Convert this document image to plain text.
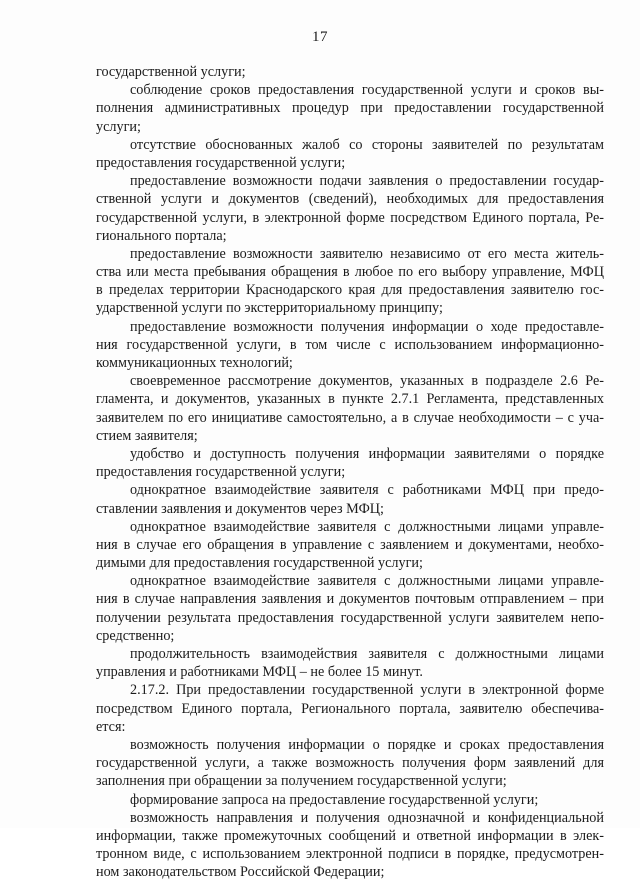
17
государственной услуги;
соблюдение сроков предоставления государственной услуги и сроков вы-
полнения административных процедур при предоставлении государственной
услуги;
отсутствие обоснованных жалоб со стороны заявителей по результатам
предоставления государственной услуги;
предоставление возможности подачи заявления о предоставлении государ-
ственной услуги и документов (сведений), необходимых для предоставления
государственной услуги, в электронной форме посредством Единого портала, Ре-
гионального портала;
предоставление возможности заявителю независимо от его места житель-
ства или места пребывания обращения в любое по его выбору управление, МФЦ
в пределах территории Краснодарского края для предоставления заявителю гос-
ударственной услуги по экстерриториальному принципу;
предоставление возможности получения информации о ходе предоставле-
ния государственной услуги, в том числе с использованием информационно-
коммуникационных технологий;
своевременное рассмотрение документов, указанных в подразделе 2.6 Ре-
гламента, и документов, указанных в пункте 2.7.1 Регламента, представленных
заявителем по его инициативе самостоятельно, а в случае необходимости – с уча-
стием заявителя;
удобство и доступность получения информации заявителями о порядке
предоставления государственной услуги;
однократное взаимодействие заявителя с работниками МФЦ при предо-
ставлении заявления и документов через МФЦ;
однократное взаимодействие заявителя с должностными лицами управле-
ния в случае его обращения в управление с заявлением и документами, необхо-
димыми для предоставления государственной услуги;
однократное взаимодействие заявителя с должностными лицами управле-
ния в случае направления заявления и документов почтовым отправлением – при
получении результата предоставления государственной услуги заявителем непо-
средственно;
продолжительность взаимодействия заявителя с должностными лицами
управления и работниками МФЦ – не более 15 минут.
2.17.2. При предоставлении государственной услуги в электронной форме
посредством Единого портала, Регионального портала, заявителю обеспечива-
ется:
возможность получения информации о порядке и сроках предоставления
государственной услуги, а также возможность получения форм заявлений для
заполнения при обращении за получением государственной услуги;
формирование запроса на предоставление государственной услуги;
возможность направления и получения однозначной и конфиденциальной
информации, также промежуточных сообщений и ответной информации в элек-
тронном виде, с использованием электронной подписи в порядке, предусмотрен-
ном законодательством Российской Федерации;
